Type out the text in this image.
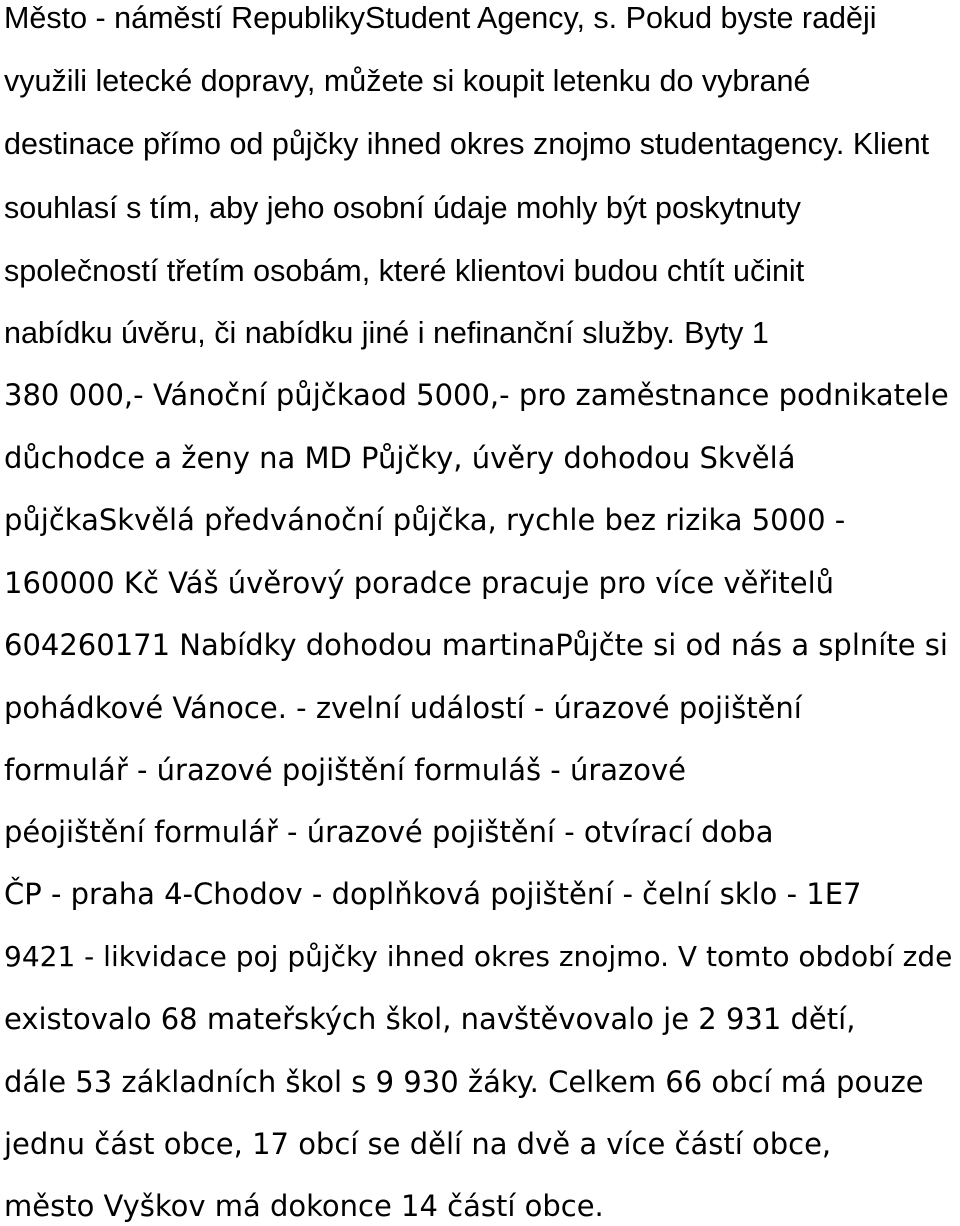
Město - náměstí RepublikyStudent Agency, s. Pokud byste raději
využili letecké dopravy, můžete si koupit letenku do vybrané
destinace přímo od půjčky ihned okres znojmo studentagency. Klient
souhlasí s tím, aby jeho osobní údaje mohly být poskytnuty
společností třetím osobám, které klientovi budou chtít učinit
nabídku úvěru, či nabídku jiné i nefinanční služby. Byty 1
380 000,- Vánoční půjčkaod 5000,- pro zaměstnance podnikatele
důchodce a ženy na MD Půjčky, úvěry dohodou Skvělá
půjčkaSkvělá předvánoční půjčka, rychle bez rizika 5000 -
160000 Kč Váš úvěrový poradce pracuje pro více věřitelů
604260171 Nabídky dohodou martinaPůjčte si od nás a splníte si
pohádkové Vánoce. - zvelní událostí - úrazové pojištění
formulář - úrazové pojištění formuláš - úrazové
péojištění formulář - úrazové pojištění - otvírací doba
ČP - praha 4-Chodov - doplňková pojištění - čelní sklo - 1E7
9421 - likvidace poj půjčky ihned okres znojmo. V tomto období zde
existovalo 68 mateřských škol, navštěvovalo je 2 931 dětí,
dále 53 základních škol s 9 930 žáky. Celkem 66 obcí má pouze
jednu část obce, 17 obcí se dělí na dvě a více částí obce,
město Vyškov má dokonce 14 částí obce.
